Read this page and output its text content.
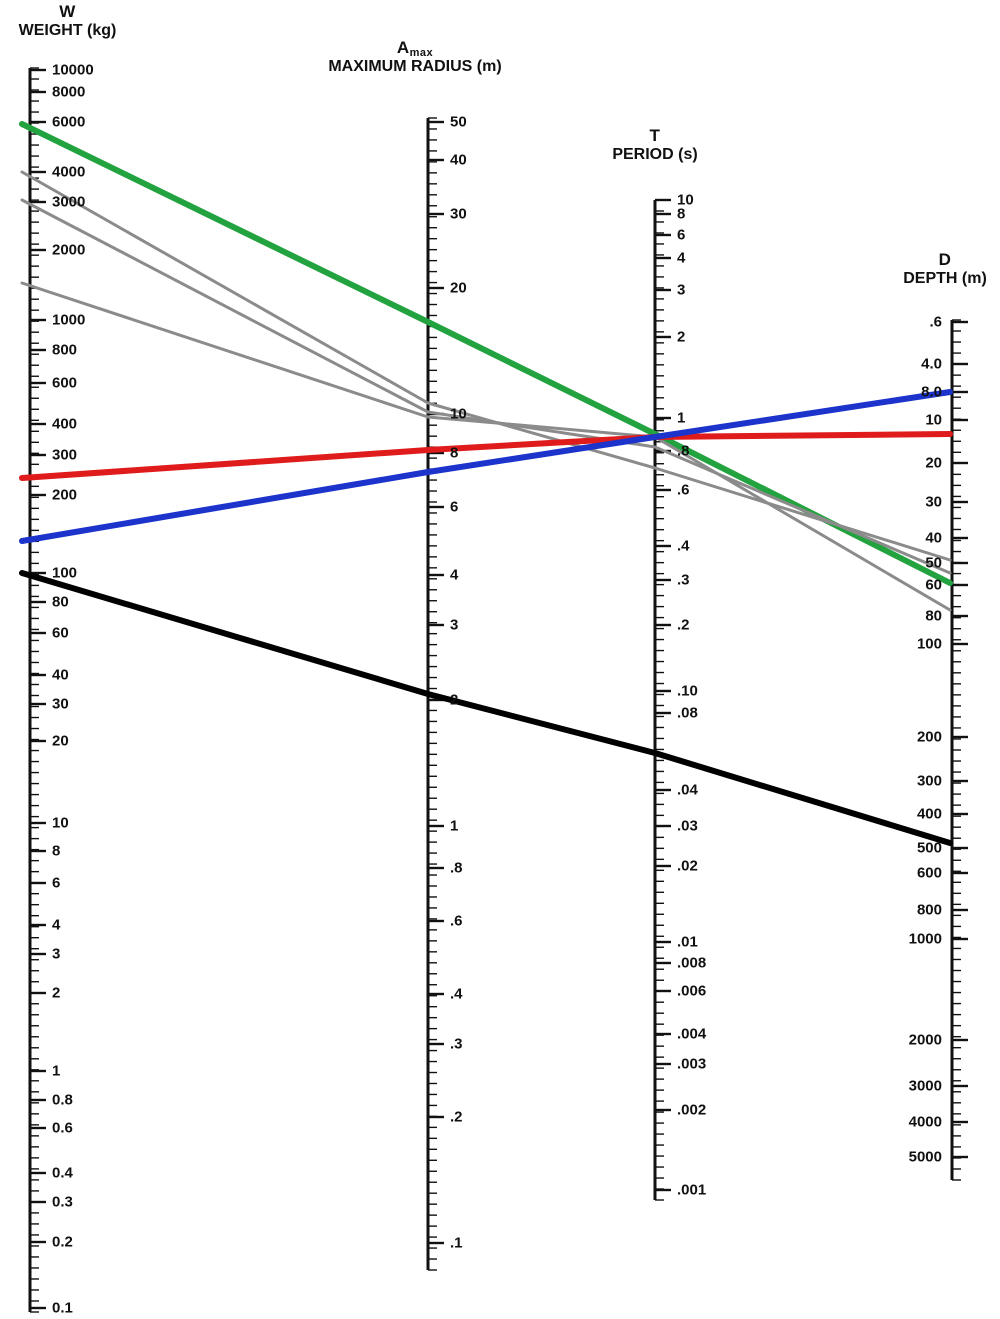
W
WEIGHT (kg)
$A_{max}$
MAXIMUM RADIUS (m)
T
PERIOD (s)
D
DEPTH (m)
10000
8000
6000
4000
3000
2000
1000
800
600
400
300
200
100
80
60
40
30
20
10
8
6
4
3
2
1
0.8
0.6
0.4
0.3
0.2
0.1
50
40
30
20
10
8
6
4
3
2
1
.8
.6
.4
.3
.2
.1
10
8
6
4
3
2
1
.8
.6
.4
.3
.2
.10
.08
.04
.03
.02
.01
.008
.006
.004
.003
.002
.001
.6
4.0
8.0
10
20
30
40
50
60
80
100
200
300
400
500
600
800
1000
2000
3000
4000
5000
